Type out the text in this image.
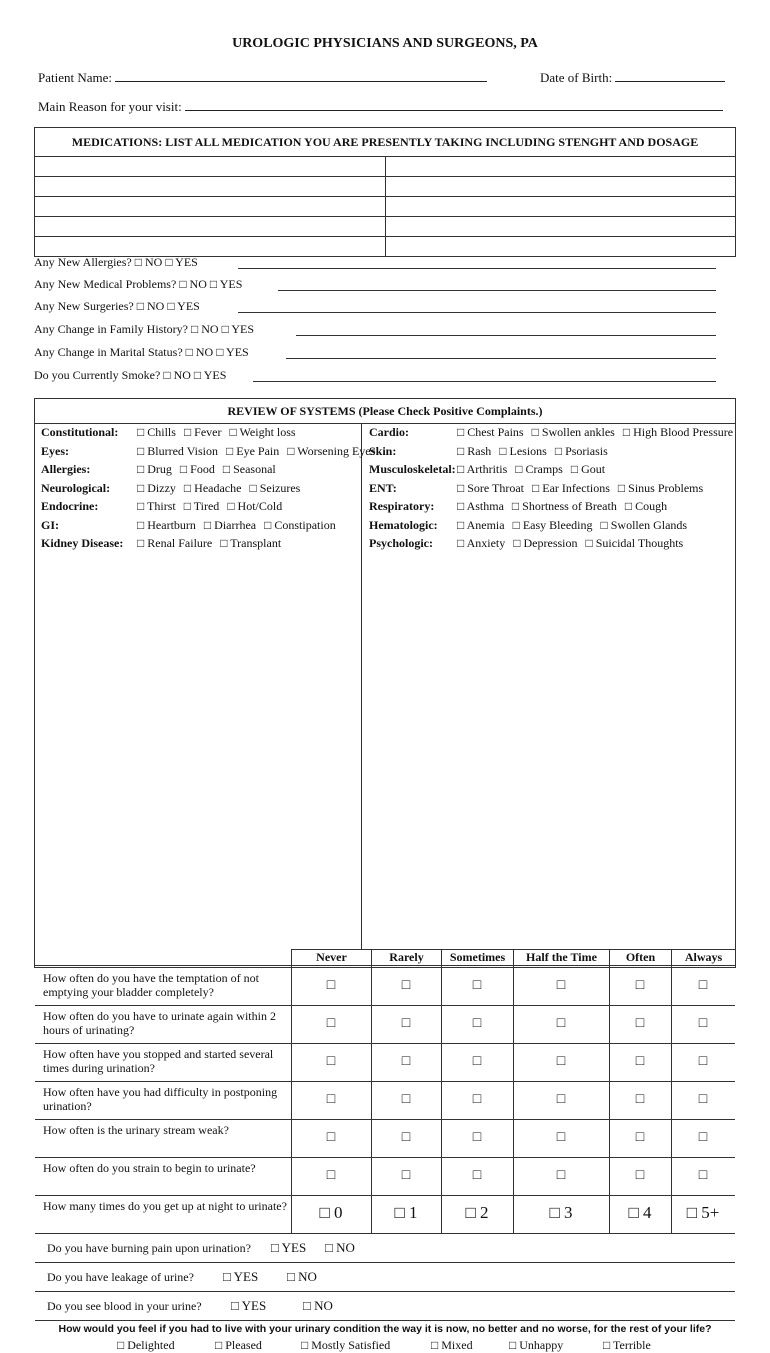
UROLOGIC PHYSICIANS AND SURGEONS, PA
Patient Name:	Date of Birth:
Main Reason for your visit:
MEDICATIONS: LIST ALL MEDICATION YOU ARE PRESENTLY TAKING INCLUDING STENGHT AND DOSAGE
Any New Allergies? □ NO □ YES
Any New Medical Problems? □ NO □ YES
Any New Surgeries? □ NO □ YES
Any Change in Family History? □ NO □ YES
Any Change in Marital Status? □ NO □ YES
Do you Currently Smoke? □ NO □ YES
REVIEW OF SYSTEMS (Please Check Positive Complaints.)
Constitutional: □ Chills □ Fever □ Weight loss
Eyes:	□ Blurred Vision □ Eye Pain □ Worsening Eyes
Allergies:	□ Drug □ Food □ Seasonal
Neurological: □ Dizzy □ Headache □ Seizures
Endocrine:	□ Thirst □ Tired □ Hot/Cold
GI:	□ Heartburn □ Diarrhea □ Constipation
Kidney Disease: □ Renal Failure □ Transplant
Cardio:	□ Chest Pains □ Swollen ankles □ High Blood Pressure
Skin:	□ Rash □ Lesions □ Psoriasis
Musculoskeletal:□ Arthritis □ Cramps □ Gout
ENT:	□ Sore Throat □ Ear Infections □ Sinus Problems
Respiratory: □ Asthma □ Shortness of Breath □ Cough
Hematologic: □ Anemia □ Easy Bleeding □ Swollen Glands
Psychologic: □ Anxiety □ Depression □ Suicidal Thoughts
Never	Rarely	Sometimes	Half the Time	Often	Always
How often do you have the temptation of not emptying your bladder completely?	□	□	□	□	□	□
How often do you have to urinate again within 2 hours of urinating?	□	□	□	□	□	□
How often have you stopped and started several times during urination?	□	□	□	□	□	□
How often have you had difficulty in postponing urination?	□	□	□	□	□	□
How often is the urinary stream weak?	□	□	□	□	□	□
How often do you strain to begin to urinate?	□	□	□	□	□	□
How many times do you get up at night to urinate?	□ 0	□ 1	□ 2	□ 3	□ 4	□ 5+
Do you have burning pain upon urination? □ YES □ NO
Do you have leakage of urine? □ YES □ NO
Do you see blood in your urine? □ YES	□ NO
How would you feel if you had to live with your urinary condition the way it is now, no better and no worse, for the rest of your life?
□ Delighted	□ Pleased	□ Mostly Satisfied	□ Mixed	□ Unhappy	□ Terrible
